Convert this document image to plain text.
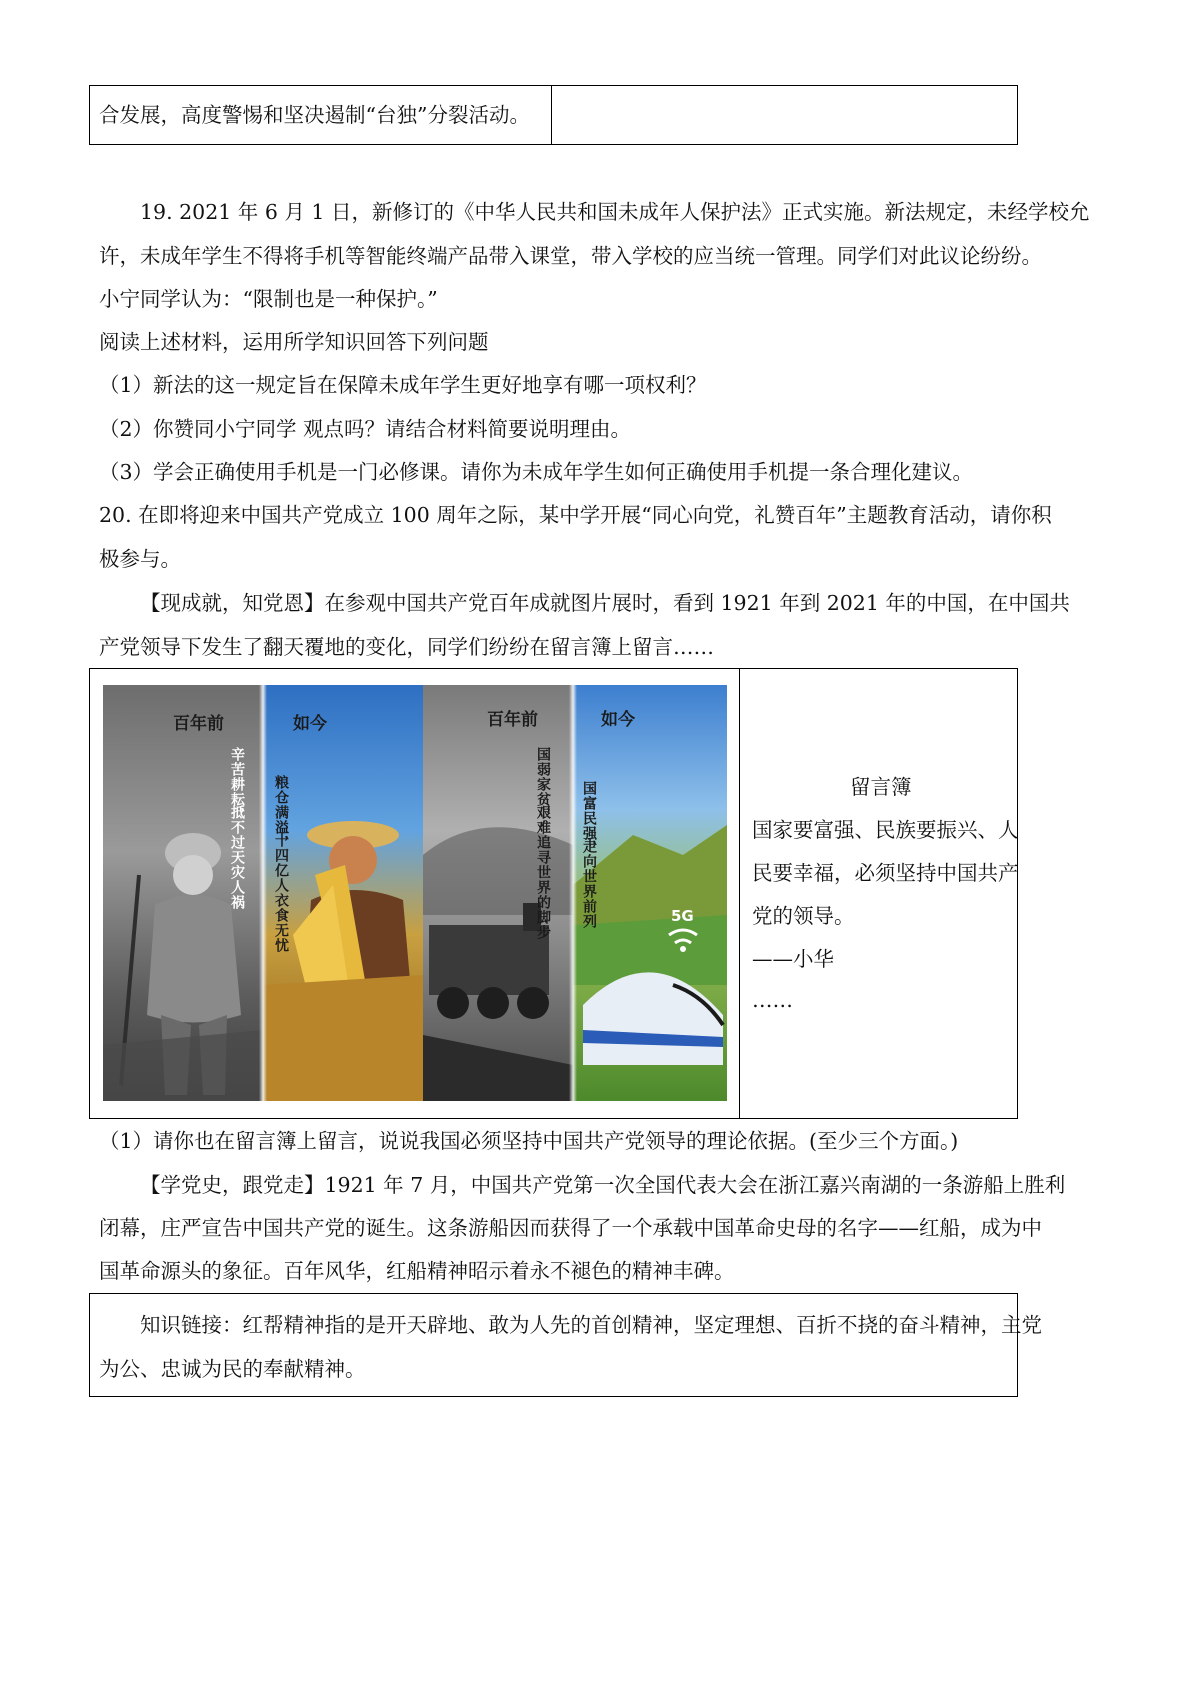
合发展，高度警惕和坚决遏制“台独”分裂活动。
19. 2021 年 6 月 1 日，新修订的《中华人民共和国未成年人保护法》正式实施。新法规定，未经学校允
许，未成年学生不得将手机等智能终端产品带入课堂，带入学校的应当统一管理。同学们对此议论纷纷。
小宁同学认为：“限制也是一种保护。”
阅读上述材料，运用所学知识回答下列问题
（1）新法的这一规定旨在保障未成年学生更好地享有哪一项权利？
（2）你赞同小宁同学 观点吗？请结合材料简要说明理由。
（3）学会正确使用手机是一门必修课。请你为未成年学生如何正确使用手机提一条合理化建议。
20. 在即将迎来中国共产党成立 100 周年之际，某中学开展“同心向党，礼赞百年”主题教育活动，请你积
极参与。
【现成就，知党恩】在参观中国共产党百年成就图片展时，看到 1921 年到 2021 年的中国，在中国共
产党领导下发生了翻天覆地的变化，同学们纷纷在留言簿上留言……
百年前
辛苦耕耘，
抵不过天灾人祸
如今
粮仓满溢，
十四亿人衣食无忧
百年前
国弱家贫，
艰难追寻世界的脚步
如今
国富民强，
走向世界前列	5G
留言簿
国家要富强、民族要振兴、人
民要幸福，必须坚持中国共产
党的领导。
——小华
……
（1）请你也在留言簿上留言，说说我国必须坚持中国共产党领导的理论依据。(至少三个方面。)
【学党史，跟党走】1921 年 7 月，中国共产党第一次全国代表大会在浙江嘉兴南湖的一条游船上胜利
闭幕，庄严宣告中国共产党的诞生。这条游船因而获得了一个承载中国革命史母的名字——红船，成为中
国革命源头的象征。百年风华，红船精神昭示着永不褪色的精神丰碑。
知识链接：红帮精神指的是开天辟地、敢为人先的首创精神，坚定理想、百折不挠的奋斗精神，主党
为公、忠诚为民的奉献精神。
